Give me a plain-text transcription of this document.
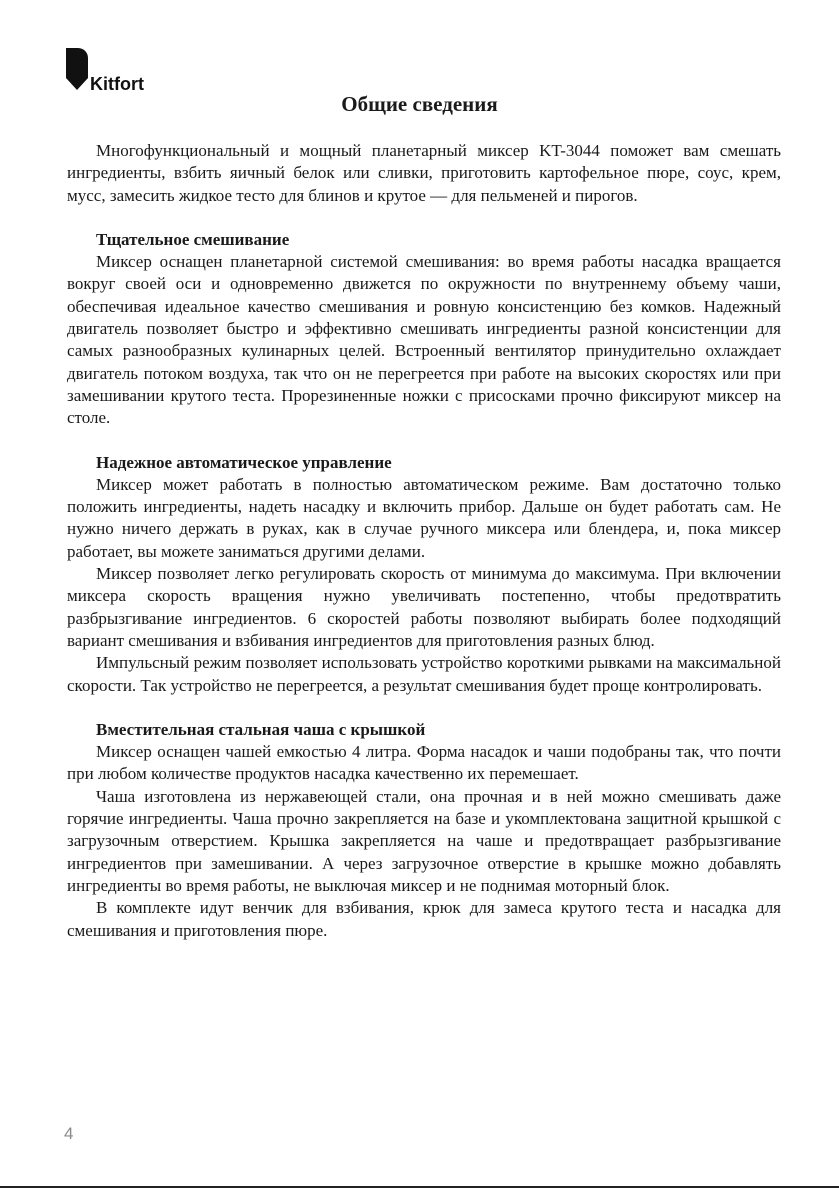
Kitfort
Общие сведения

Многофункциональный и мощный планетарный миксер KT-3044 поможет вам смешать ингредиенты, взбить яичный белок или сливки, приготовить картофельное пюре, соус, крем, мусс, замесить жидкое тесто для блинов и крутое — для пельменей и пирогов.

Тщательное смешивание

Миксер оснащен планетарной системой смешивания: во время работы насадка вращается вокруг своей оси и одновременно движется по окружности по внутреннему объему чаши, обеспечивая идеальное качество смешивания и ровную консистенцию без комков. Надежный двигатель позволяет быстро и эффективно смешивать ингредиенты разной консистенции для самых разнообразных кулинарных целей. Встроенный вентилятор принудительно охлаждает двигатель потоком воздуха, так что он не перегреется при работе на высоких скоростях или при замешивании крутого теста. Прорезиненные ножки с присосками прочно фиксируют миксер на столе.

Надежное автоматическое управление

Миксер может работать в полностью автоматическом режиме. Вам достаточно только положить ингредиенты, надеть насадку и включить прибор. Дальше он будет работать сам. Не нужно ничего держать в руках, как в случае ручного миксера или блендера, и, пока миксер работает, вы можете заниматься другими делами.

Миксер позволяет легко регулировать скорость от минимума до максимума. При включении миксера скорость вращения нужно увеличивать постепенно, чтобы предотвратить разбрызгивание ингредиентов. 6 скоростей работы позволяют выбирать более подходящий вариант смешивания и взбивания ингредиентов для приготовления разных блюд.

Импульсный режим позволяет использовать устройство короткими рывками на максимальной скорости. Так устройство не перегреется, а результат смешивания будет проще контролировать.

Вместительная стальная чаша с крышкой

Миксер оснащен чашей емкостью 4 литра. Форма насадок и чаши подобраны так, что почти при любом количестве продуктов насадка качественно их перемешает.

Чаша изготовлена из нержавеющей стали, она прочная и в ней можно смешивать даже горячие ингредиенты. Чаша прочно закрепляется на базе и укомплектована защитной крышкой с загрузочным отверстием. Крышка закрепляется на чаше и предотвращает разбрызгивание ингредиентов при замешивании. А через загрузочное отверстие в крышке можно добавлять ингредиенты во время работы, не выключая миксер и не поднимая моторный блок.

В комплекте идут венчик для взбивания, крюк для замеса крутого теста и насадка для смешивания и приготовления пюре.

4
